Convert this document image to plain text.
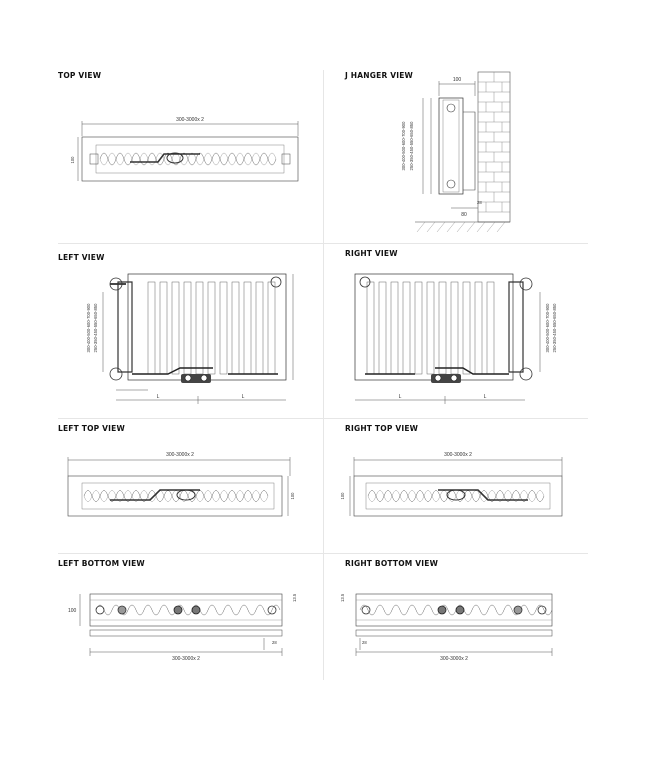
TOP VIEW
300-3000x 2
100
J HANGER VIEW	100
300-400-500-600-700-900 250-350-450-550-650-850
80
28
LEFT VIEW
300-400-500-600-700-900 250-350-450-550-650-850
L	L
RIGHT VIEW
300-400-500-600-700-900 250-350-450-550-650-850
L	L
LEFT TOP VIEW
300-3000x 2
100
RIGHT TOP VIEW
300-3000x 2
100
LEFT BOTTOM VIEW
100
13.5
28
300-3000x 2
RIGHT BOTTOM VIEW
13.5
28
300-3000x 2
